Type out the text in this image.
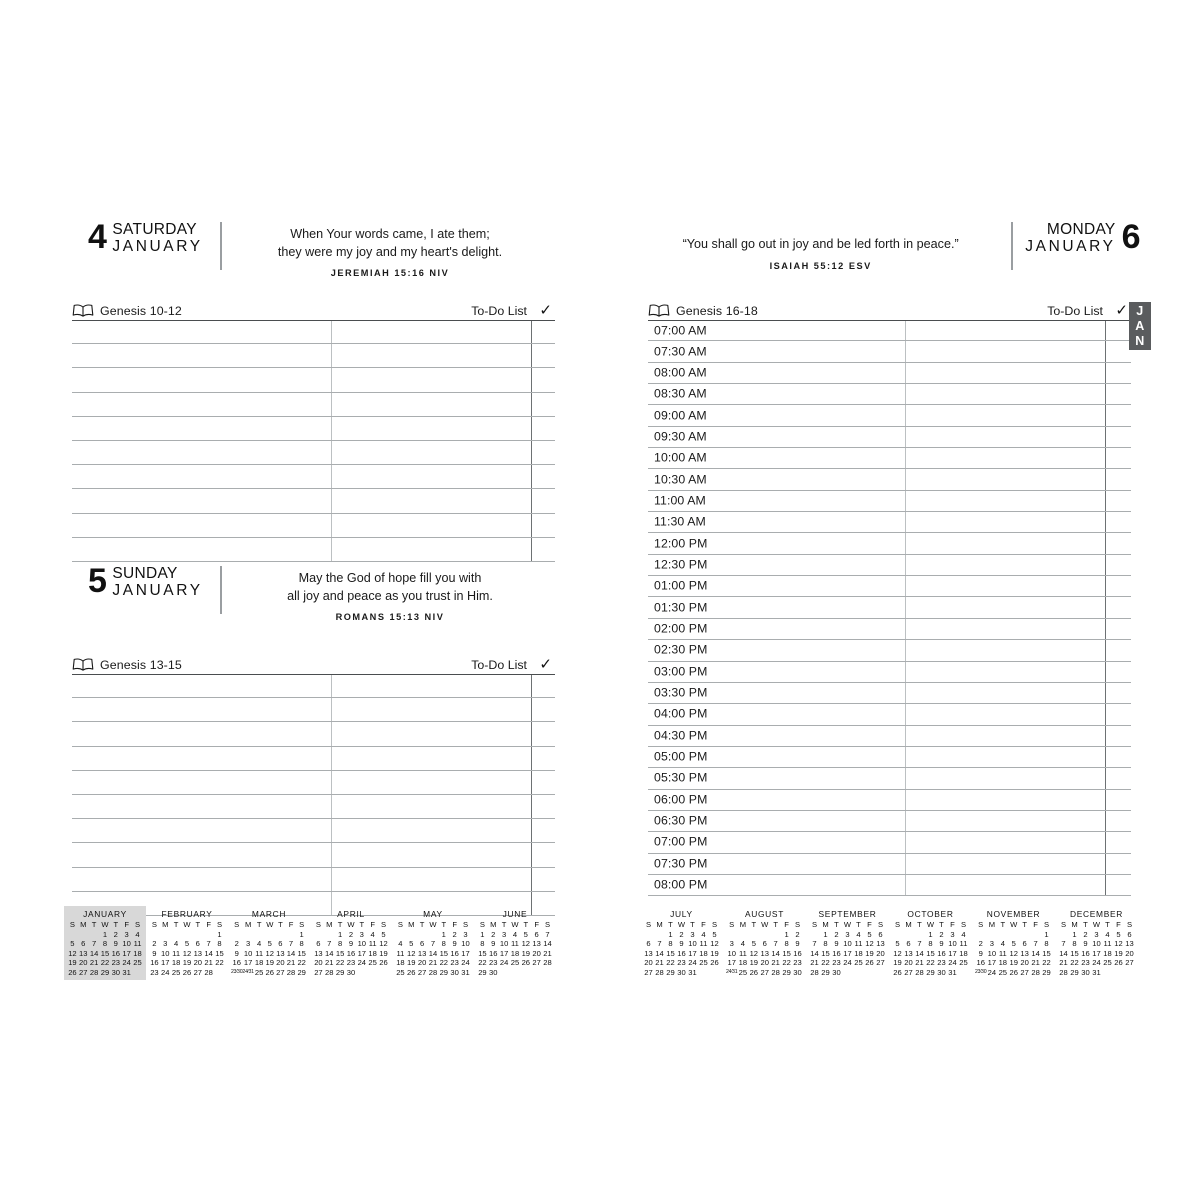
4 SATURDAY
JANUARY
When Your words came, I ate them;
they were my joy and my heart's delight.
JEREMIAH 15:16 NIV
Genesis 10-12	To-Do List ✓
5 SUNDAY
JANUARY
May the God of hope fill you with
all joy and peace as you trust in Him.
ROMANS 15:13 NIV
Genesis 13-15	To-Do List ✓
JANUARY
S	M	T	W	T	F	S
			1	2	3	4
5	6	7	8	9	10	11
12	13	14	15	16	17	18
19	20	21	22	23	24	25
26	27	28	29	30	31	
FEBRUARY
S	M	T	W	T	F	S
						1
2	3	4	5	6	7	8
9	10	11	12	13	14	15
16	17	18	19	20	21	22
23	24	25	26	27	28	
MARCH
S	M	T	W	T	F	S
						1
2	3	4	5	6	7	8
9	10	11	12	13	14	15
16	17	18	19	20	21	22
23⁄30	24⁄31	25	26	27	28	29
APRIL
S	M	T	W	T	F	S
		1	2	3	4	5
6	7	8	9	10	11	12
13	14	15	16	17	18	19
20	21	22	23	24	25	26
27	28	29	30			
MAY
S	M	T	W	T	F	S
				1	2	3
4	5	6	7	8	9	10
11	12	13	14	15	16	17
18	19	20	21	22	23	24
25	26	27	28	29	30	31
JUNE
S	M	T	W	T	F	S
1	2	3	4	5	6	7
8	9	10	11	12	13	14
15	16	17	18	19	20	21
22	23	24	25	26	27	28
29	30					
“You shall go out in joy and be led forth in peace.”
ISAIAH 55:12 ESV
MONDAY
JANUARY 6
Genesis 16-18	To-Do List ✓
07:00 AM
07:30 AM
08:00 AM
08:30 AM
09:00 AM
09:30 AM
10:00 AM
10:30 AM
11:00 AM
11:30 AM
12:00 PM
12:30 PM
01:00 PM
01:30 PM
02:00 PM
02:30 PM
03:00 PM
03:30 PM
04:00 PM
04:30 PM
05:00 PM
05:30 PM
06:00 PM
06:30 PM
07:00 PM
07:30 PM
08:00 PM
J
A
N
JULY
S	M	T	W	T	F	S
		1	2	3	4	5
6	7	8	9	10	11	12
13	14	15	16	17	18	19
20	21	22	23	24	25	26
27	28	29	30	31		
AUGUST
S	M	T	W	T	F	S
					1	2
3	4	5	6	7	8	9
10	11	12	13	14	15	16
17	18	19	20	21	22	23
24⁄31	25	26	27	28	29	30
SEPTEMBER
S	M	T	W	T	F	S
	1	2	3	4	5	6
7	8	9	10	11	12	13
14	15	16	17	18	19	20
21	22	23	24	25	26	27
28	29	30				
OCTOBER
S	M	T	W	T	F	S
			1	2	3	4
5	6	7	8	9	10	11
12	13	14	15	16	17	18
19	20	21	22	23	24	25
26	27	28	29	30	31	
NOVEMBER
S	M	T	W	T	F	S
						1
2	3	4	5	6	7	8
9	10	11	12	13	14	15
16	17	18	19	20	21	22
23⁄30	24	25	26	27	28	29
DECEMBER
S	M	T	W	T	F	S
	1	2	3	4	5	6
7	8	9	10	11	12	13
14	15	16	17	18	19	20
21	22	23	24	25	26	27
28	29	30	31			
